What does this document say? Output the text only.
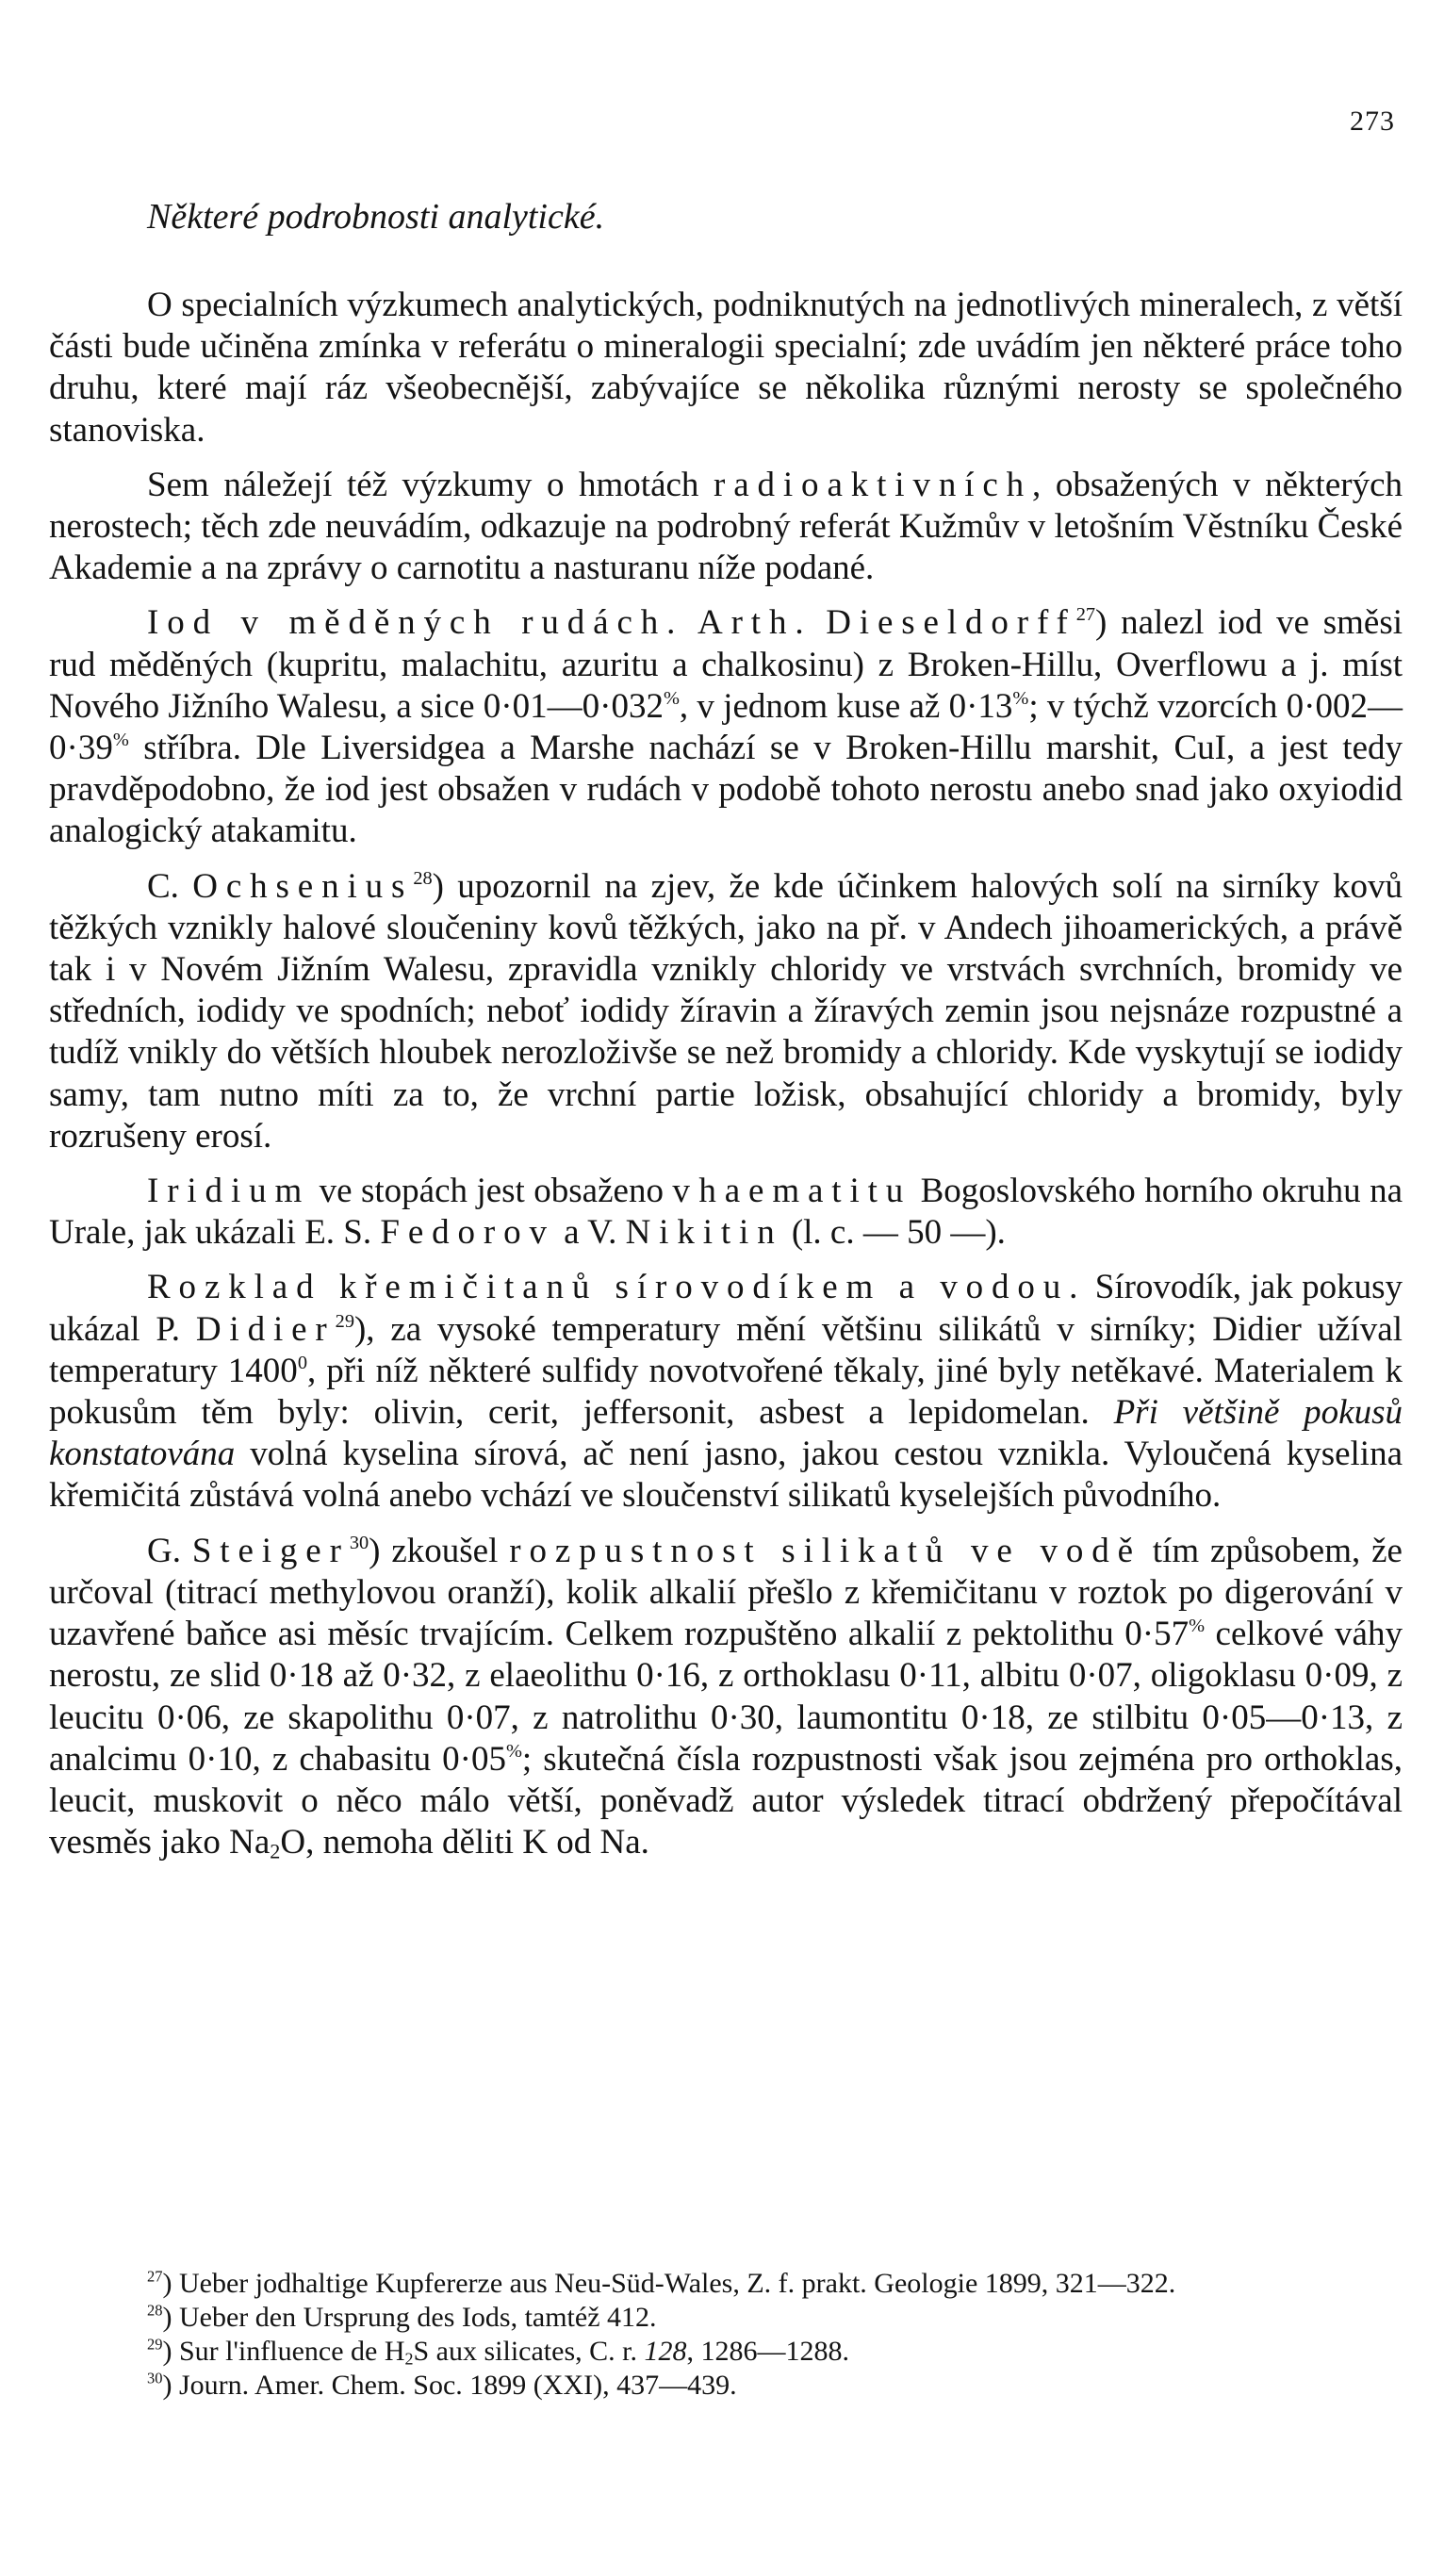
273
Některé podrobnosti analytické.

O specialních výzkumech analytických, podniknutých na jednotlivých mineralech, z větší části bude učiněna zmínka v referátu o mineralogii specialní; zde uvádím jen některé práce toho druhu, které mají ráz všeobecnější, zabývajíce se několika různými nerosty se společného stanoviska.

Sem náležejí též výzkumy o hmotách radioaktivních, obsažených v některých nerostech; těch zde neuvádím, odkazuje na podrobný referát Kužmův v letošním Věstníku České Akademie a na zprávy o carnotitu a nasturanu níže podané.

Iod v měděných rudách. Arth. Dieseldorff$^{27}$) nalezl iod ve směsi rud měděných (kupritu, malachitu, azuritu a chalkosinu) z Broken-Hillu, Overflowu a j. míst Nového Jižního Walesu, a sice 0·01—0·032%, v jednom kuse až 0·13%; v týchž vzorcích 0·002—0·39% stříbra. Dle Liversidgea a Marshe nachází se v Broken-Hillu marshit, CuI, a jest tedy pravděpodobno, že iod jest obsažen v rudách v podobě tohoto nerostu anebo snad jako oxyiodid analogický atakamitu.

C. Ochsenius$^{28}$) upozornil na zjev, že kde účinkem halových solí na sirníky kovů těžkých vznikly halové sloučeniny kovů těžkých, jako na př. v Andech jihoamerických, a právě tak i v Novém Jižním Walesu, zpravidla vznikly chloridy ve vrstvách svrchních, bromidy ve středních, iodidy ve spodních; neboť iodidy žíravin a žíravých zemin jsou nejsnáze rozpustné a tudíž vnikly do větších hloubek nerozloživše se než bromidy a chloridy. Kde vyskytují se iodidy samy, tam nutno míti za to, že vrchní partie ložisk, obsahující chloridy a bromidy, byly rozrušeny erosí.

Iridium ve stopách jest obsaženo v haematitu Bogoslovského horního okruhu na Urale, jak ukázali E. S. Fedorov a V. Nikitin (l. c. — 50 —).

Rozklad křemičitanů sírovodíkem a vodou. Sírovodík, jak pokusy ukázal P. Didier$^{29}$), za vysoké temperatury mění většinu silikátů v sirníky; Didier užíval temperatury 1400$^0$, při níž některé sulfidy novotvořené těkaly, jiné byly netěkavé. Materialem k pokusům těm byly: olivin, cerit, jeffersonit, asbest a lepidomelan. Při většině pokusů konstatována volná kyselina sírová, ač není jasno, jakou cestou vznikla. Vyloučená kyselina křemičitá zůstává volná anebo vchází ve sloučenství silikatů kyselejších původního.

G. Steiger$^{30}$) zkoušel rozpustnost silikatů ve vodě tím způsobem, že určoval (titrací methylovou oranží), kolik alkalií přešlo z křemičitanu v roztok po digerování v uzavřené baňce asi měsíc trvajícím. Celkem rozpuštěno alkalií z pektolithu 0·57% celkové váhy nerostu, ze slid 0·18 až 0·32, z elaeolithu 0·16, z orthoklasu 0·11, albitu 0·07, oligoklasu 0·09, z leucitu 0·06, ze skapolithu 0·07, z natrolithu 0·30, laumontitu 0·18, ze stilbitu 0·05—0·13, z analcimu 0·10, z chabasitu 0·05%; skutečná čísla rozpustnosti však jsou zejména pro orthoklas, leucit, muskovit o něco málo větší, poněvadž autor výsledek titrací obdržený přepočítával vesměs jako $Na_2O$, nemoha děliti K od Na.

$^{27}$) Ueber jodhaltige Kupfererze aus Neu-Süd-Wales, Z. f. prakt. Geologie 1899, 321—322.

$^{28}$) Ueber den Ursprung des Iods, tamtéž 412.

$^{29}$) Sur l'influence de $H_2S$ aux silicates, C. r. 128, 1286—1288.

$^{30}$) Journ. Amer. Chem. Soc. 1899 (XXI), 437—439.
